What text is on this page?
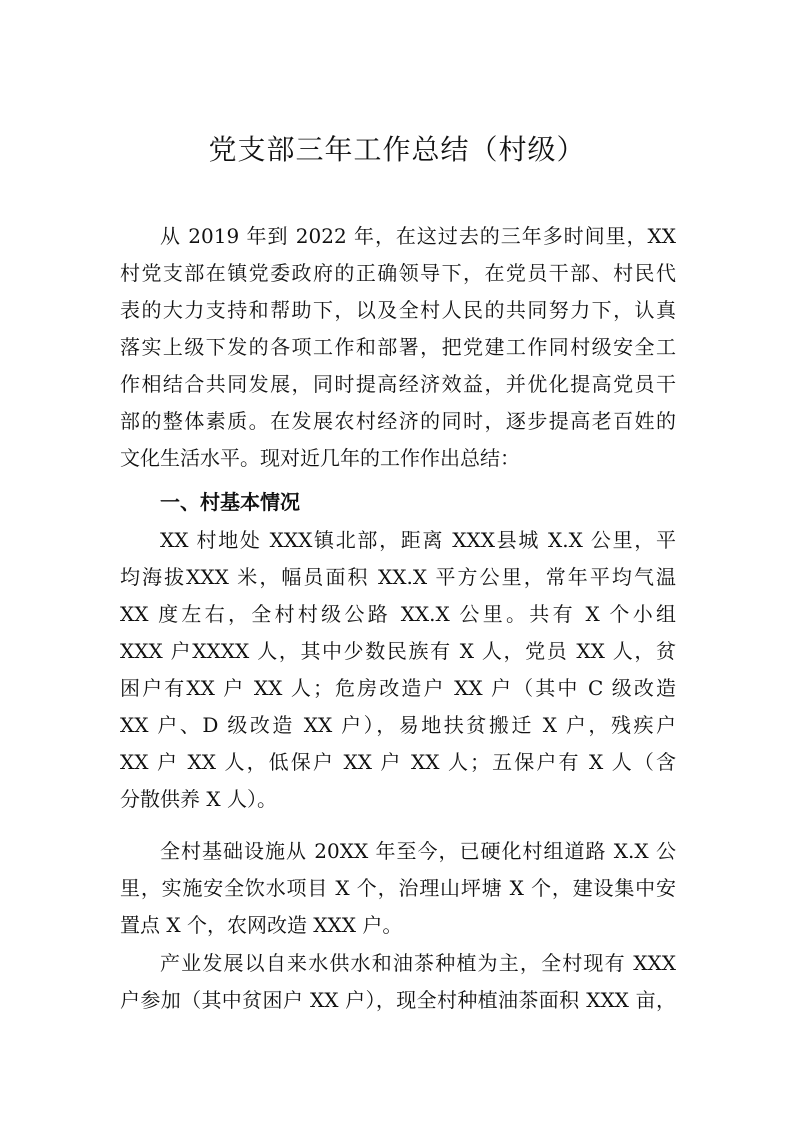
党支部三年工作总结（村级）
从 2019 年到 2022 年，在这过去的三年多时间里，XX
村党支部在镇党委政府的正确领导下，在党员干部、村民代
表的大力支持和帮助下，以及全村人民的共同努力下，认真
落实上级下发的各项工作和部署，把党建工作同村级安全工
作相结合共同发展，同时提高经济效益，并优化提高党员干
部的整体素质。在发展农村经济的同时，逐步提高老百姓的
文化生活水平。现对近几年的工作作出总结：
一、村基本情况
XX 村地处 XXX镇北部，距离 XXX县城 X.X 公里，平
均海拔XXX 米，幅员面积 XX.X 平方公里，常年平均气温
XX 度左右，全村村级公路 XX.X 公里。共有 X 个小组
XXX 户XXXX 人，其中少数民族有 X 人，党员 XX 人，贫
困户有XX 户 XX 人；危房改造户 XX 户（其中 C 级改造
XX 户、D 级改造 XX 户），易地扶贫搬迁 X 户，残疾户
XX 户 XX 人，低保户 XX 户 XX 人；五保户有 X 人（含
分散供养 X 人）。
全村基础设施从 20XX 年至今，已硬化村组道路 X.X 公
里，实施安全饮水项目 X 个，治理山坪塘 X 个，建设集中安
置点 X 个，农网改造 XXX 户。
产业发展以自来水供水和油茶种植为主，全村现有 XXX
户参加（其中贫困户 XX 户），现全村种植油茶面积 XXX 亩，
